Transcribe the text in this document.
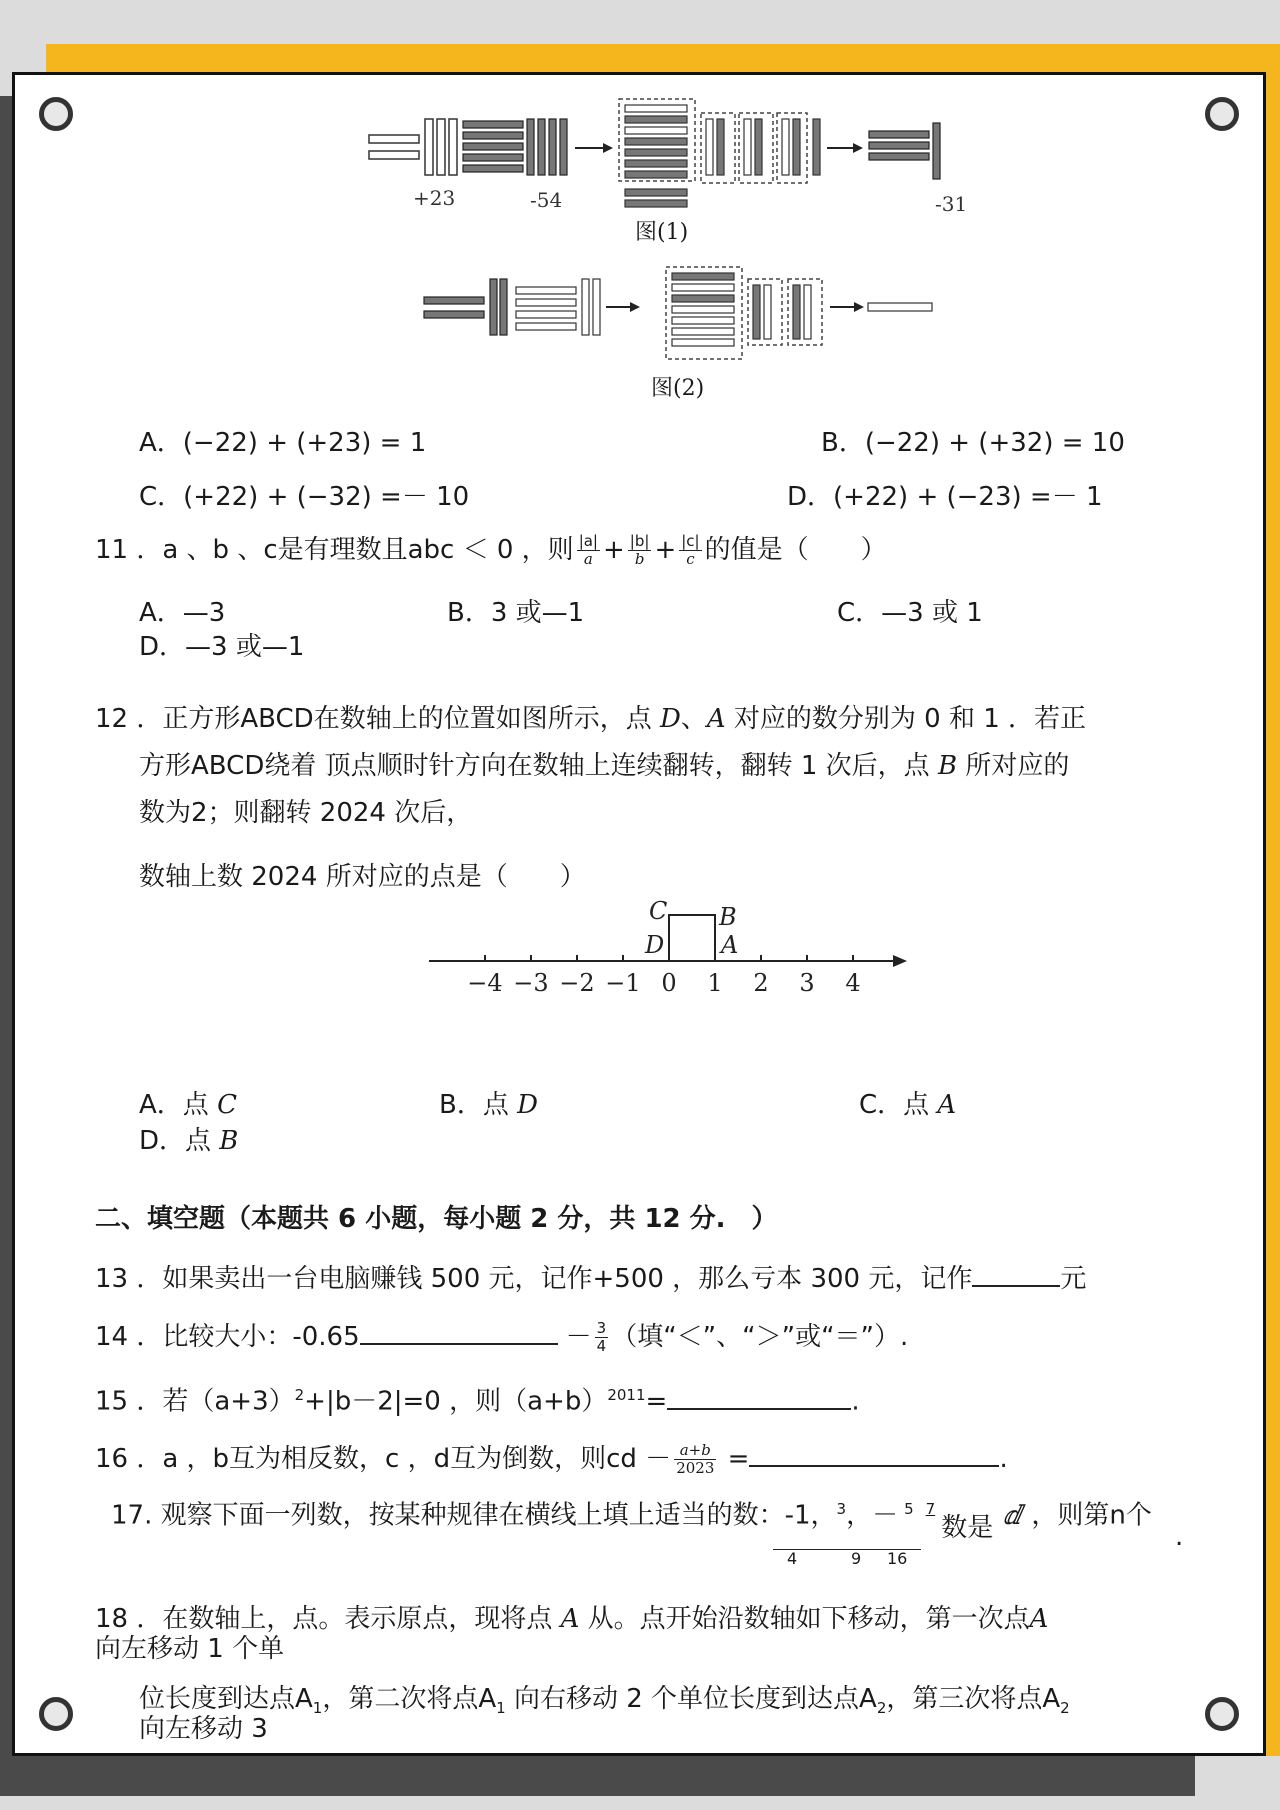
+23	-54	-31
图(1)
图(2)
A．(−22) + (+23) = 1	B．(−22) + (+32) = 10
C．(+22) + (−32) =－ 10	D．(+22) + (−23) =－ 1
11 ．a 、b 、c是有理数且abc ＜ 0 ，则 $\frac{|a|}{a} + \frac{|b|}{b} + \frac{|c|}{c}$ 的值是（　　）
A．—3	B．3 或—1	C．—3 或 1
D．—3 或—1
12 ．正方形ABCD在数轴上的位置如图所示，点 D、A 对应的数分别为 0 和 1 ．若正
方形ABCD绕着 顶点顺时针方向在数轴上连续翻转，翻转 1 次后，点 B 所对应的
数为2；则翻转 2024 次后，
数轴上数 2024 所对应的点是（　　）
C B
D A
−4 −3 −2 −1 0 1 2 3 4
A．点 C	B．点 D	C．点 A
D．点 B
二、填空题（本题共 6 小题，每小题 2 分，共 12 分.　）
13 ．如果卖出一台电脑赚钱 500 元，记作+500 ，那么亏本 300 元，记作	元
14 ．比较大小：-0.65	－ $\frac{3}{4}$ （填“＜”、“＞”或“＝”）.
15 ．若$(a+3)^2+|b-2|=0$ ，则$(a+b)^{2011}=$	.
16 ．a ，b互为相反数，c ，d互为倒数，则cd － $\frac{a+b}{2023}$ =	.
17. 观察下面一列数，按某种规律在横线上填上适当的数：-1，$^3$，－ $^5$ $^7$数是 ⅆ ，则第n个
.
4	9 16
18 ．在数轴上，点。表示原点，现将点 A 从。点开始沿数轴如下移动，第一次点A
向左移动 1 个单
位长度到达点$A_1$，第二次将点$A_1$ 向右移动 2 个单位长度到达点$A_2$，第三次将点$A_2$
向左移动 3
